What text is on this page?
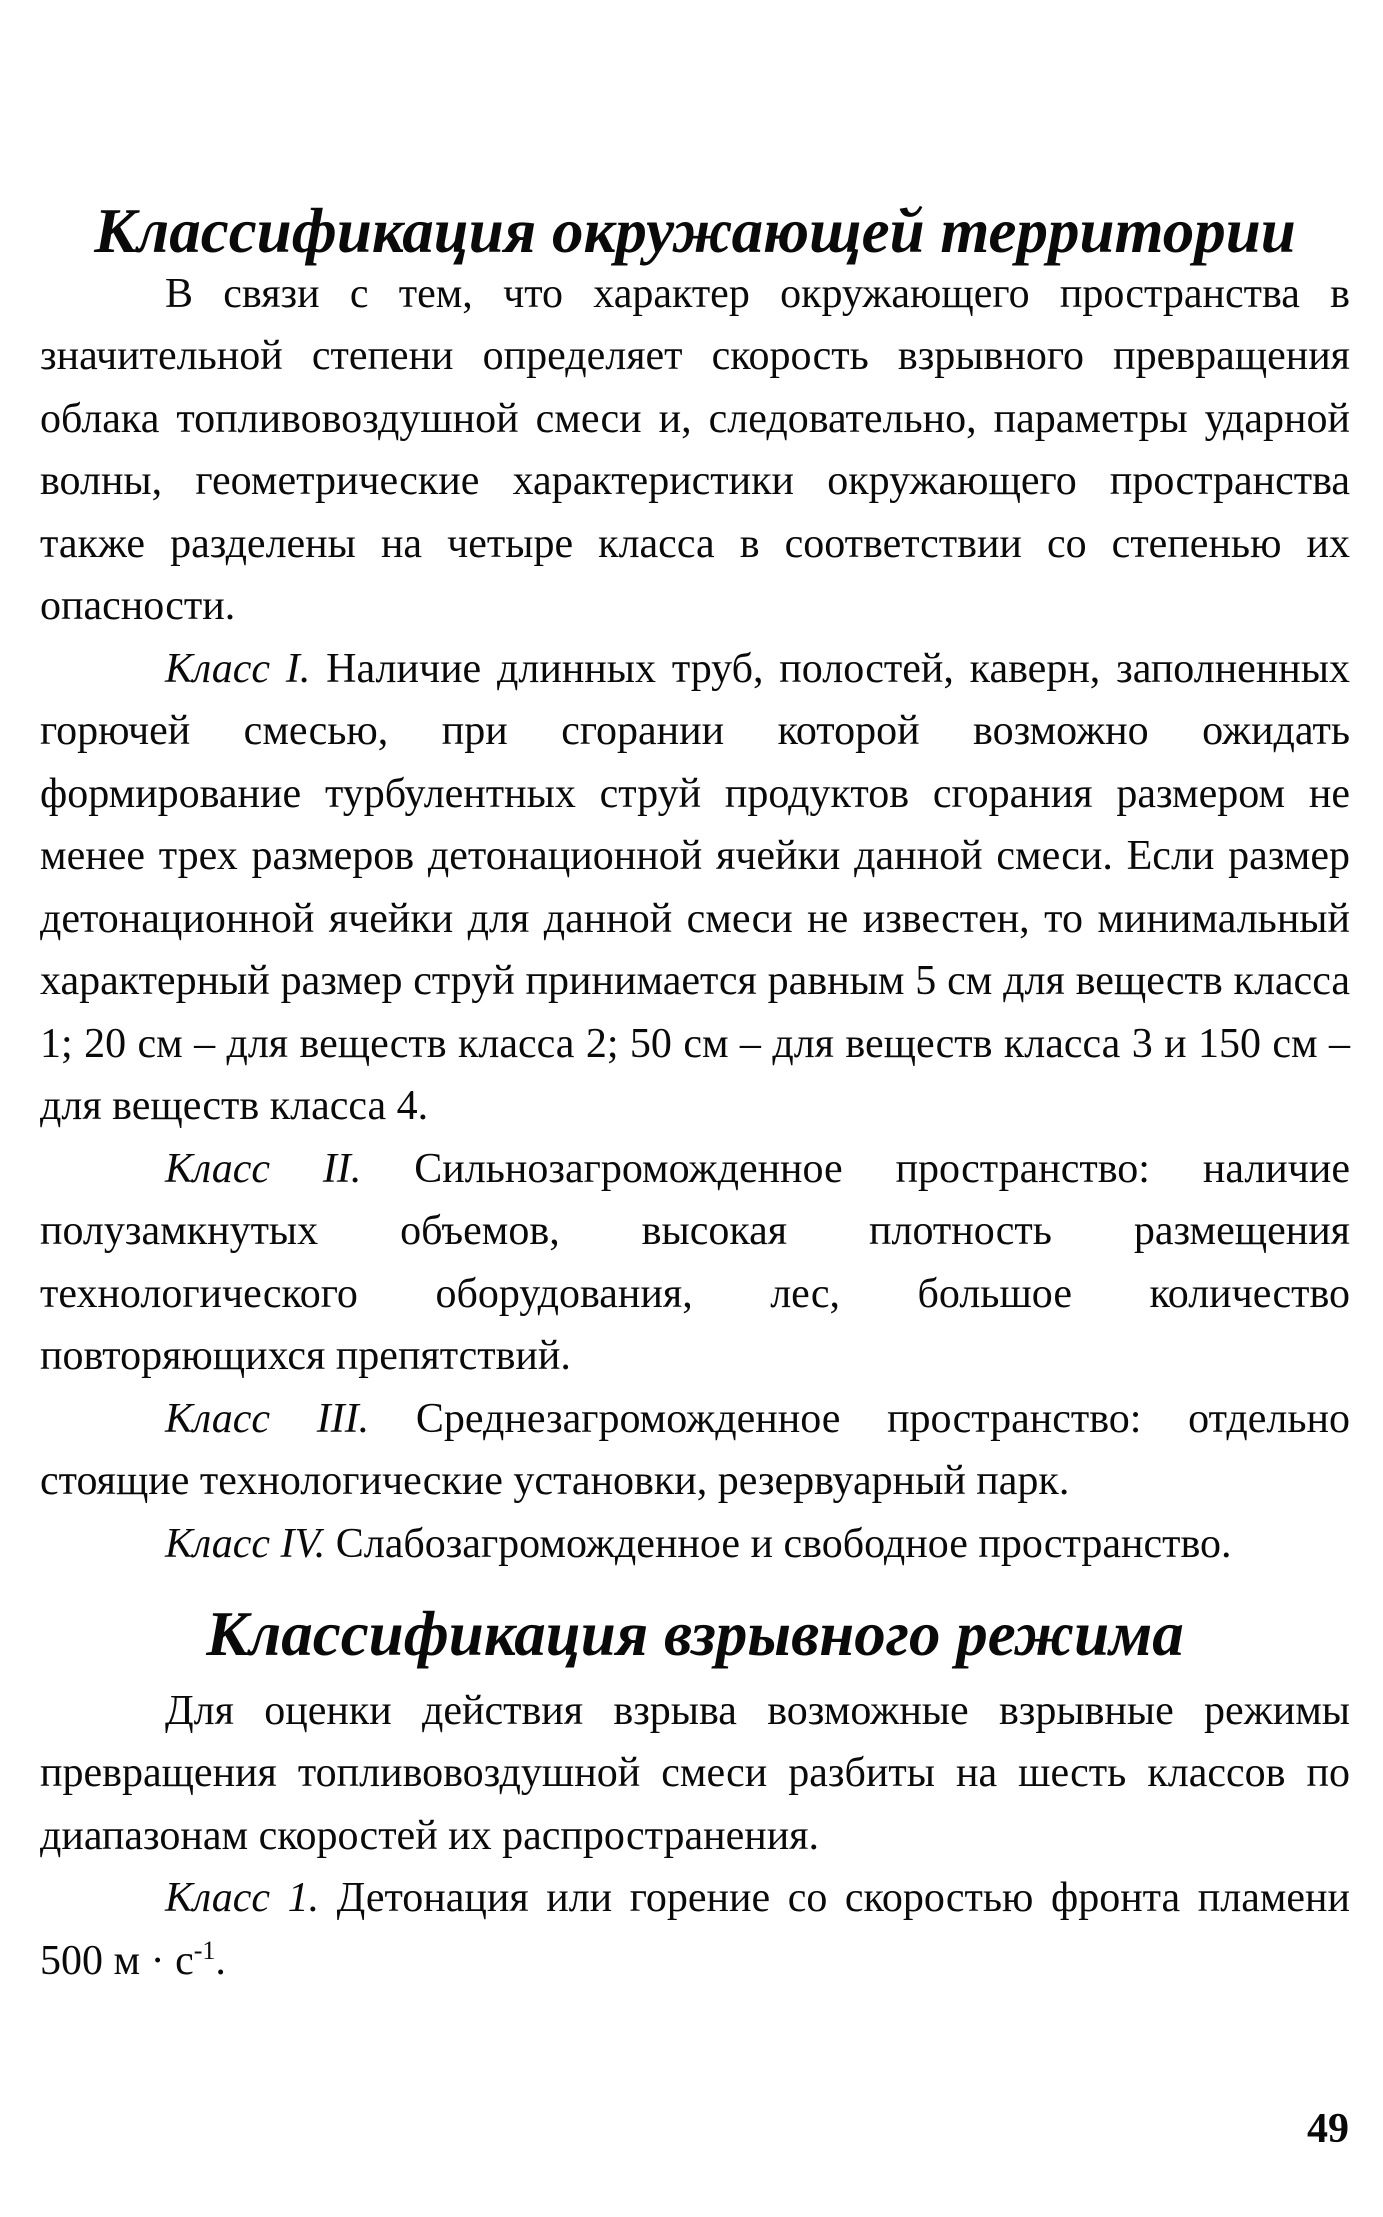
Классификация окружающей территории

В связи с тем, что характер окружающего пространства в значительной степени определяет скорость взрывного превращения облака топливовоздушной смеси и, следовательно, параметры ударной волны, геометрические характеристики окружающего пространства также разделены на четыре класса в соответствии со степенью их опасности.

Класс I. Наличие длинных труб, полостей, каверн, заполненных горючей смесью, при сгорании которой возможно ожидать формирование турбулентных струй продуктов сгорания размером не менее трех размеров детонационной ячейки данной смеси. Если размер детонационной ячейки для данной смеси не известен, то минимальный характерный размер струй принимается равным 5 см для веществ класса 1; 20 см – для веществ класса 2; 50 см – для веществ класса 3 и 150 см – для веществ класса 4.

Класс II. Сильнозагроможденное пространство: наличие полузамкнутых объемов, высокая плотность размещения технологического оборудования, лес, большое количество повторяющихся препятствий.

Класс III. Среднезагроможденное пространство: отдельно стоящие технологические установки, резервуарный парк.

Класс IV. Слабозагроможденное и свободное пространство.

Классификация взрывного режима

Для оценки действия взрыва возможные взрывные режимы превращения топливовоздушной смеси разбиты на шесть классов по диапазонам скоростей их распространения.

Класс 1. Детонация или горение со скоростью фронта пламени 500 $м \cdot с^{-1}$.

49
